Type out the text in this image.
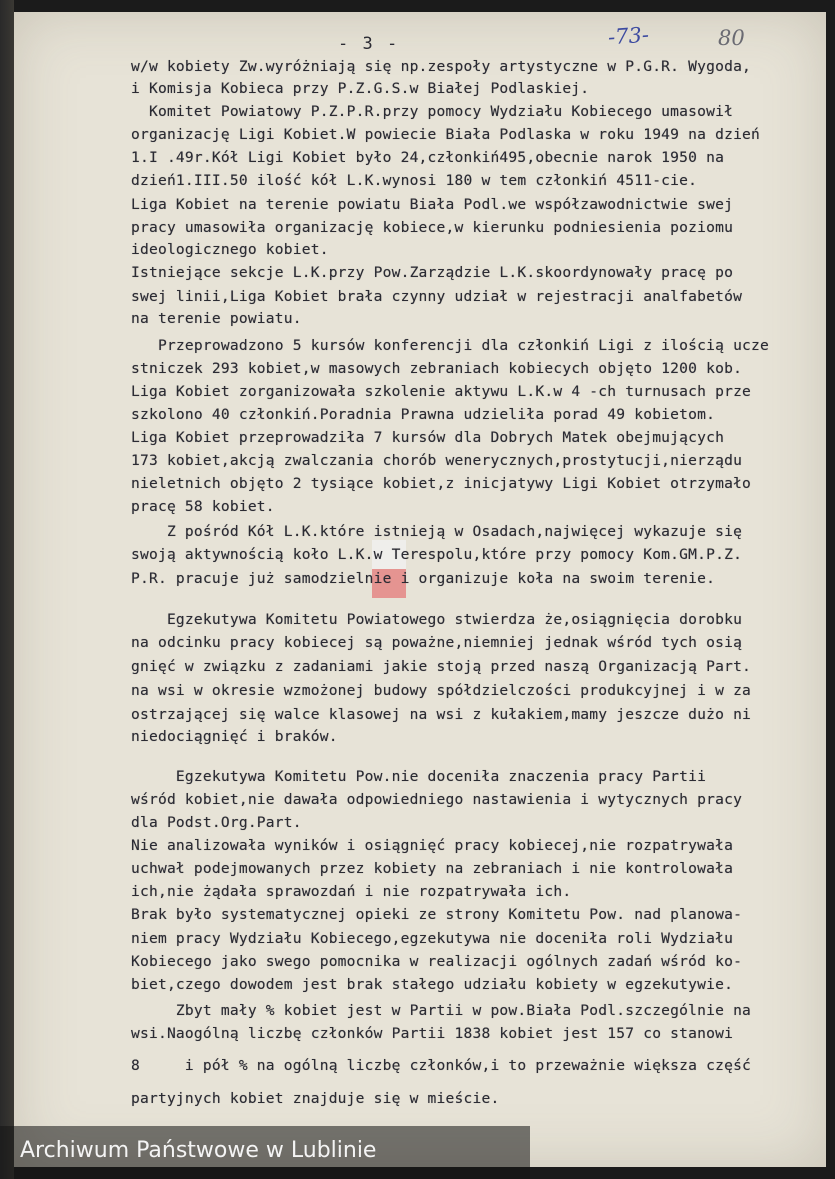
- 3 -	-73-	80
w/w kobiety Zw.wyróżniają się np.zespoły artystyczne w P.G.R. Wygoda,
i Komisja Kobieca przy P.Z.G.S.w Białej Podlaskiej.
Komitet Powiatowy P.Z.P.R.przy pomocy Wydziału Kobiecego umasowił
organizację Ligi Kobiet.W powiecie Biała Podlaska w roku 1949 na dzień
1.I .49r.Kół Ligi Kobiet było 24,członkiń495,obecnie narok 1950 na
dzień1.III.50 ilość kół L.K.wynosi 180 w tem członkiń 4511-cie.
Liga Kobiet na terenie powiatu Biała Podl.we współzawodnictwie swej
pracy umasowiła organizację kobiece,w kierunku podniesienia poziomu
ideologicznego kobiet.
Istniejące sekcje L.K.przy Pow.Zarządzie L.K.skoordynowały pracę po
swej linii,Liga Kobiet brała czynny udział w rejestracji analfabetów
na terenie powiatu.
Przeprowadzono 5 kursów konferencji dla członkiń Ligi z ilością ucze
stniczek 293 kobiet,w masowych zebraniach kobiecych objęto 1200 kob.
Liga Kobiet zorganizowała szkolenie aktywu L.K.w 4 -ch turnusach prze
szkolono 40 członkiń.Poradnia Prawna udzieliła porad 49 kobietom.
Liga Kobiet przeprowadziła 7 kursów dla Dobrych Matek obejmujących
173 kobiet,akcją zwalczania chorób wenerycznych,prostytucji,nierządu
nieletnich objęto 2 tysiące kobiet,z inicjatywy Ligi Kobiet otrzymało
pracę 58 kobiet.
Z pośród Kół L.K.które istnieją w Osadach,najwięcej wykazuje się
swoją aktywnością koło L.K.w Terespolu,które przy pomocy Kom.GM.P.Z.
P.R. pracuje już samodzielnie i organizuje koła na swoim terenie.
Egzekutywa Komitetu Powiatowego stwierdza że,osiągnięcia dorobku
na odcinku pracy kobiecej są poważne,niemniej jednak wśród tych osią
gnięć w związku z zadaniami jakie stoją przed naszą Organizacją Part.
na wsi w okresie wzmożonej budowy spółdzielczości produkcyjnej i w za
ostrzającej się walce klasowej na wsi z kułakiem,mamy jeszcze dużo ni
niedociągnięć i braków.
Egzekutywa Komitetu Pow.nie doceniła znaczenia pracy Partii
wśród kobiet,nie dawała odpowiedniego nastawienia i wytycznych pracy
dla Podst.Org.Part.
Nie analizowała wyników i osiągnięć pracy kobiecej,nie rozpatrywała
uchwał podejmowanych przez kobiety na zebraniach i nie kontrolowała
ich,nie żądała sprawozdań i nie rozpatrywała ich.
Brak było systematycznej opieki ze strony Komitetu Pow. nad planowa-
niem pracy Wydziału Kobiecego,egzekutywa nie doceniła roli Wydziału
Kobiecego jako swego pomocnika w realizacji ogólnych zadań wśród ko-
biet,czego dowodem jest brak stałego udziału kobiety w egzekutywie.
Zbyt mały % kobiet jest w Partii w pow.Biała Podl.szczególnie na
wsi.Naogólną liczbę członków Partii 1838 kobiet jest 157 co stanowi
8     i pół % na ogólną liczbę członków,i to przeważnie większa część
partyjnych kobiet znajduje się w mieście.
Archiwum Państwowe w Lublinie
